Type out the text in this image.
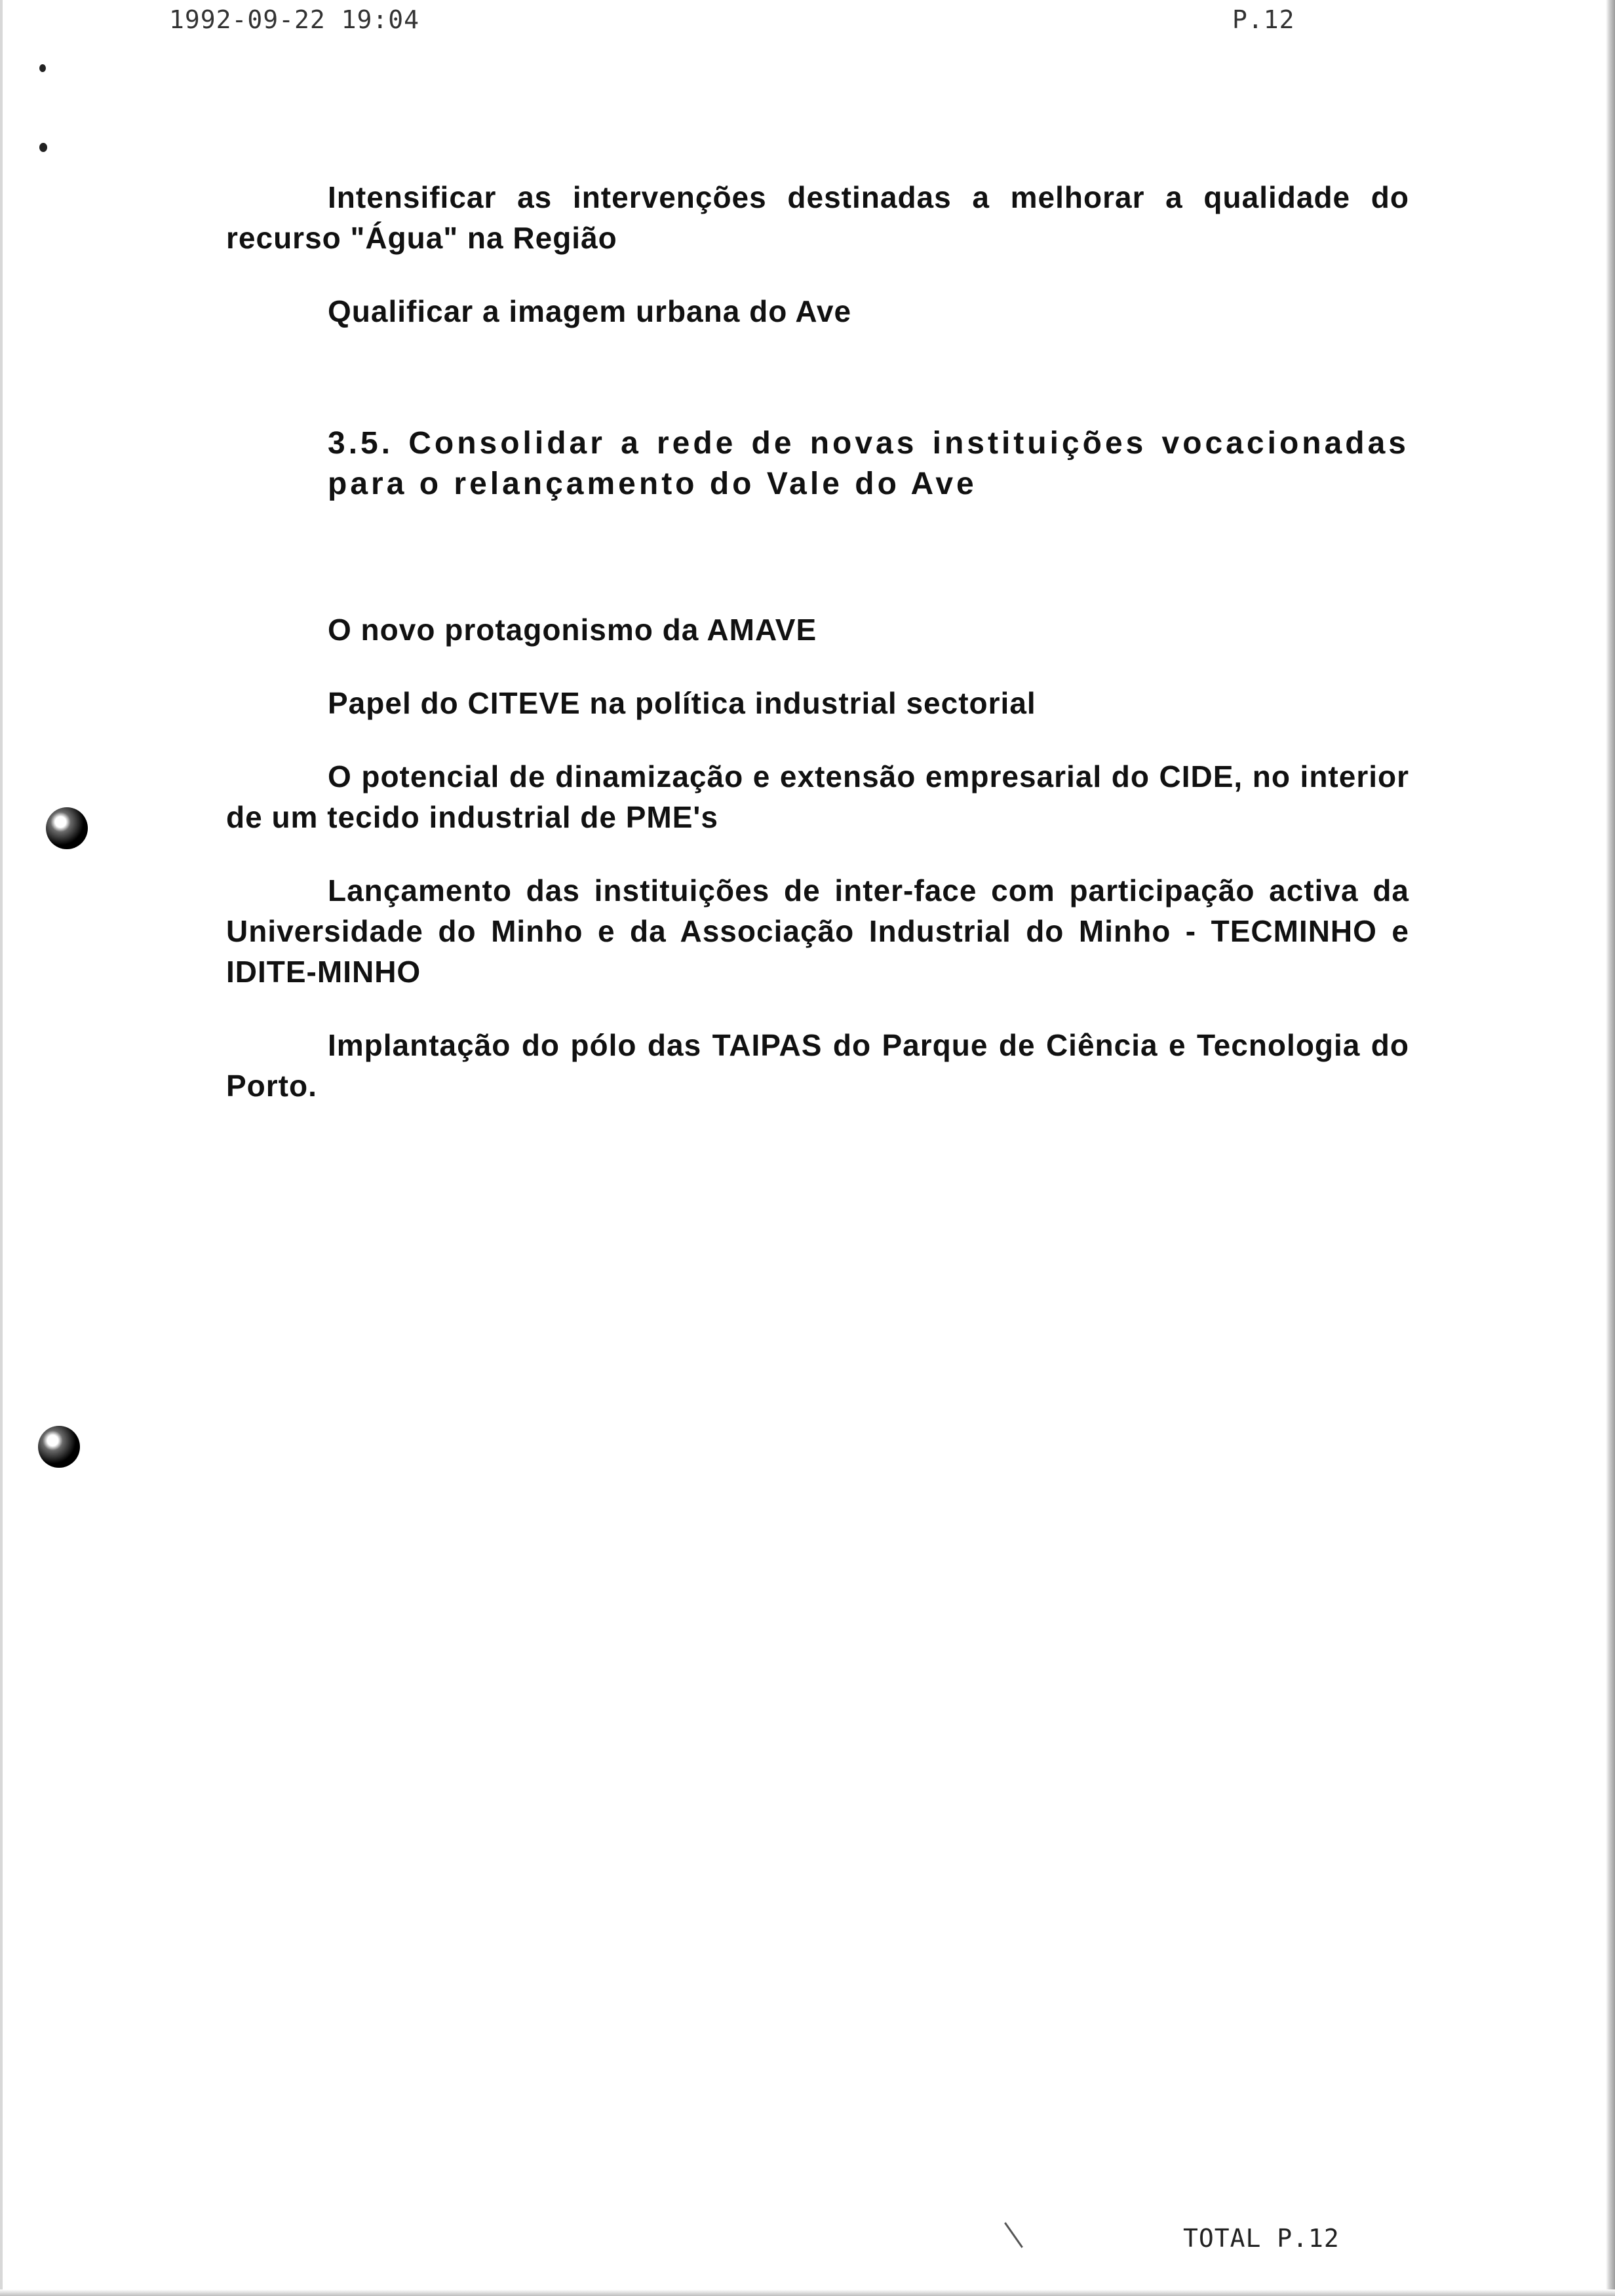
1992-09-22 19:04	P.12

Intensificar as intervenções destinadas a melhorar a qualidade do recurso "Água" na Região

Qualificar a imagem urbana do Ave

3.5. Consolidar a rede de novas instituições vocacionadas para o relançamento do Vale do Ave

O novo protagonismo da AMAVE

Papel do CITEVE na política industrial sectorial

O potencial de dinamização e extensão empresarial do CIDE, no interior de um tecido industrial de PME's

Lançamento das instituições de inter-face com participação activa da Universidade do Minho e da Associação Industrial do Minho - TECMINHO e IDITE-MINHO

Implantação do pólo das TAIPAS do Parque de Ciência e Tecnologia do Porto.

TOTAL P.12
